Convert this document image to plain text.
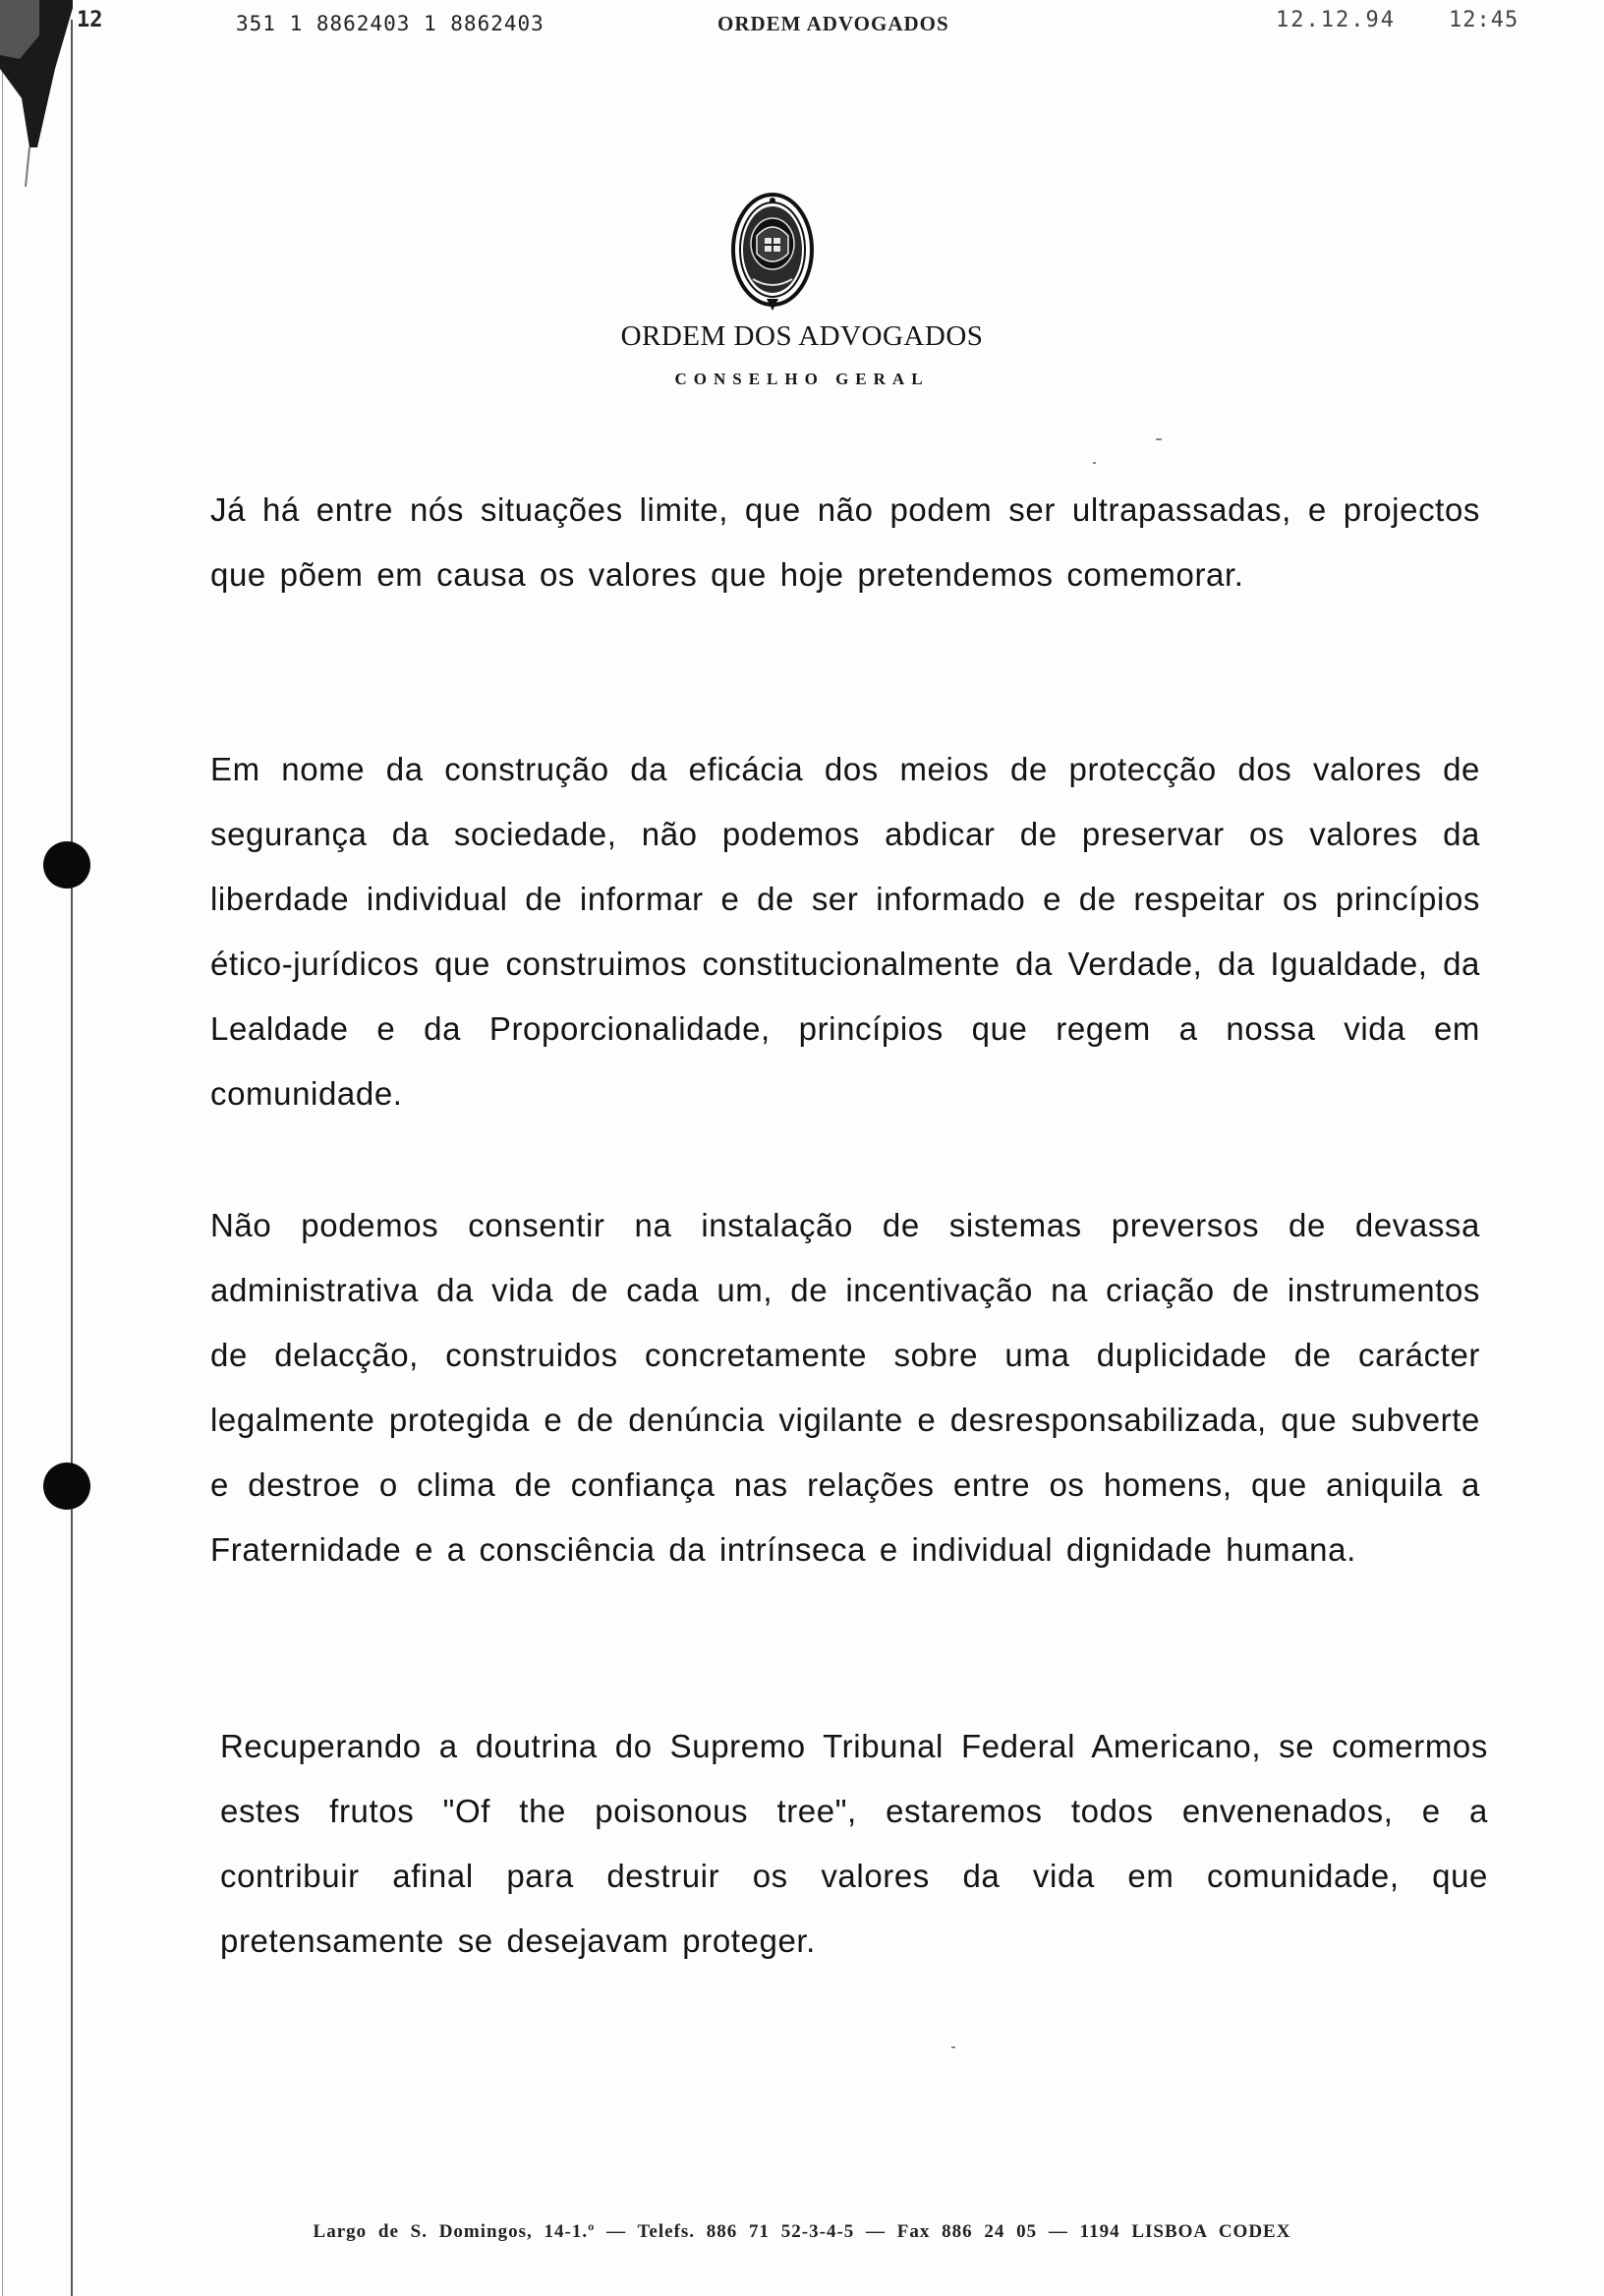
12	351 1 8862403 1 8862403	ORDEM ADVOGADOS	12.12.94 12:45
ORDEM DOS ADVOGADOS
CONSELHO GERAL

Já há entre nós situações limite, que não podem ser ultrapassadas, e projectos que põem em causa os valores que hoje pretendemos comemorar.

Em nome da construção da eficácia dos meios de protecção dos valores de segurança da sociedade, não podemos abdicar de preservar os valores da liberdade individual de informar e de ser informado e de respeitar os princípios ético-jurídicos que construimos constitucionalmente da Verdade, da Igualdade, da Lealdade e da Proporcionalidade, princípios que regem a nossa vida em comunidade.

Não podemos consentir na instalação de sistemas preversos de devassa administrativa da vida de cada um, de incentivação na criação de instrumentos de delacção, construidos concretamente sobre uma duplicidade de carácter legalmente protegida e de denúncia vigilante e desresponsabilizada, que subverte e destroe o clima de confiança nas relações entre os homens, que aniquila a Fraternidade e a consciência da intrínseca e individual dignidade humana.

Recuperando a doutrina do Supremo Tribunal Federal Americano, se comermos estes frutos "Of the poisonous tree", estaremos todos envenenados, e a contribuir afinal para destruir os valores da vida em comunidade, que pretensamente se desejavam proteger.

Largo de S. Domingos, 14-1.º — Telefs. 886 71 52-3-4-5 — Fax 886 24 05 — 1194 LISBOA CODEX
